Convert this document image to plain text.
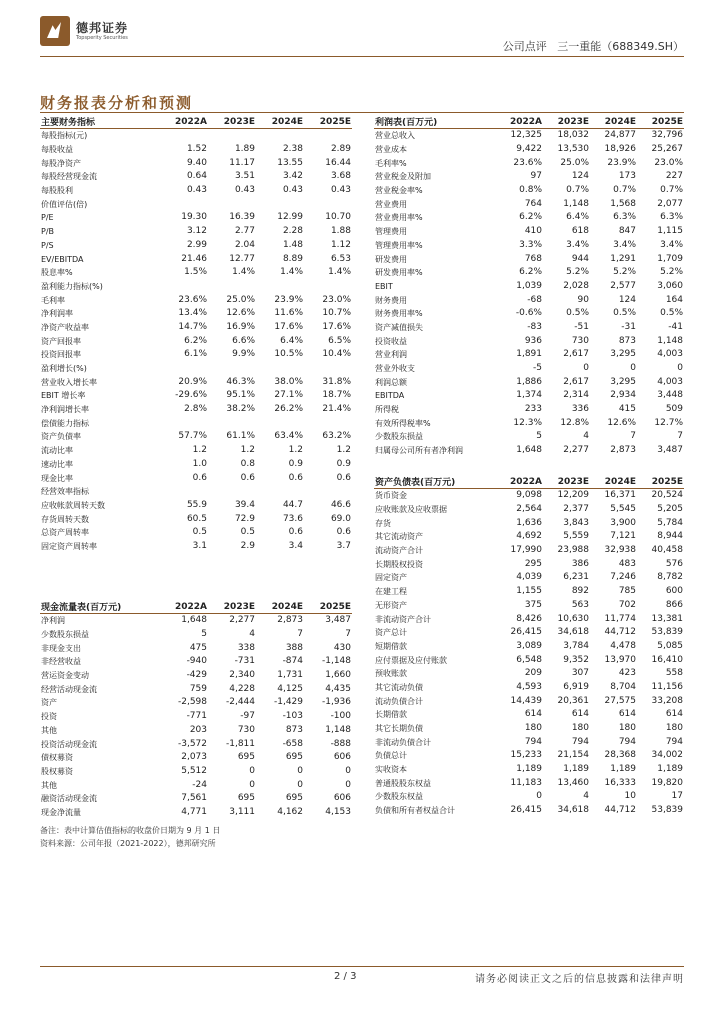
德邦证券
Topsperity Securities
公司点评 三一重能（688349.SH）
财务报表分析和预测
主要财务指标	2022A	2023E	2024E	2025E
每股指标(元)				
每股收益	1.52	1.89	2.38	2.89
每股净资产	9.40	11.17	13.55	16.44
每股经营现金流	0.64	3.51	3.42	3.68
每股股利	0.43	0.43	0.43	0.43
价值评估(倍)				
P/E	19.30	16.39	12.99	10.70
P/B	3.12	2.77	2.28	1.88
P/S	2.99	2.04	1.48	1.12
EV/EBITDA	21.46	12.77	8.89	6.53
股息率%	1.5%	1.4%	1.4%	1.4%
盈利能力指标(%)				
毛利率	23.6%	25.0%	23.9%	23.0%
净利润率	13.4%	12.6%	11.6%	10.7%
净资产收益率	14.7%	16.9%	17.6%	17.6%
资产回报率	6.2%	6.6%	6.4%	6.5%
投资回报率	6.1%	9.9%	10.5%	10.4%
盈利增长(%)				
营业收入增长率	20.9%	46.3%	38.0%	31.8%
EBIT 增长率	-29.6%	95.1%	27.1%	18.7%
净利润增长率	2.8%	38.2%	26.2%	21.4%
偿债能力指标				
资产负债率	57.7%	61.1%	63.4%	63.2%
流动比率	1.2	1.2	1.2	1.2
速动比率	1.0	0.8	0.9	0.9
现金比率	0.6	0.6	0.6	0.6
经营效率指标				
应收帐款周转天数	55.9	39.4	44.7	46.6
存货周转天数	60.5	72.9	73.6	69.0
总资产周转率	0.5	0.5	0.6	0.6
固定资产周转率	3.1	2.9	3.4	3.7
利润表(百万元)	2022A	2023E	2024E	2025E
营业总收入	12,325	18,032	24,877	32,796
营业成本	9,422	13,530	18,926	25,267
毛利率%	23.6%	25.0%	23.9%	23.0%
营业税金及附加	97	124	173	227
营业税金率%	0.8%	0.7%	0.7%	0.7%
营业费用	764	1,148	1,568	2,077
营业费用率%	6.2%	6.4%	6.3%	6.3%
管理费用	410	618	847	1,115
管理费用率%	3.3%	3.4%	3.4%	3.4%
研发费用	768	944	1,291	1,709
研发费用率%	6.2%	5.2%	5.2%	5.2%
EBIT	1,039	2,028	2,577	3,060
财务费用	-68	90	124	164
财务费用率%	-0.6%	0.5%	0.5%	0.5%
资产减值损失	-83	-51	-31	-41
投资收益	936	730	873	1,148
营业利润	1,891	2,617	3,295	4,003
营业外收支	-5	0	0	0
利润总额	1,886	2,617	3,295	4,003
EBITDA	1,374	2,314	2,934	3,448
所得税	233	336	415	509
有效所得税率%	12.3%	12.8%	12.6%	12.7%
少数股东损益	5	4	7	7
归属母公司所有者净利润	1,648	2,277	2,873	3,487
资产负债表(百万元)	2022A	2023E	2024E	2025E
货币资金	9,098	12,209	16,371	20,524
应收账款及应收票据	2,564	2,377	5,545	5,205
存货	1,636	3,843	3,900	5,784
其它流动资产	4,692	5,559	7,121	8,944
流动资产合计	17,990	23,988	32,938	40,458
长期股权投资	295	386	483	576
固定资产	4,039	6,231	7,246	8,782
在建工程	1,155	892	785	600
无形资产	375	563	702	866
非流动资产合计	8,426	10,630	11,774	13,381
资产总计	26,415	34,618	44,712	53,839
短期借款	3,089	3,784	4,478	5,085
应付票据及应付账款	6,548	9,352	13,970	16,410
预收账款	209	307	423	558
其它流动负债	4,593	6,919	8,704	11,156
流动负债合计	14,439	20,361	27,575	33,208
长期借款	614	614	614	614
其它长期负债	180	180	180	180
非流动负债合计	794	794	794	794
负债总计	15,233	21,154	28,368	34,002
实收资本	1,189	1,189	1,189	1,189
普通股股东权益	11,183	13,460	16,333	19,820
少数股东权益	0	4	10	17
负债和所有者权益合计	26,415	34,618	44,712	53,839
现金流量表(百万元)	2022A	2023E	2024E	2025E
净利润	1,648	2,277	2,873	3,487
少数股东损益	5	4	7	7
非现金支出	475	338	388	430
非经营收益	-940	-731	-874	-1,148
营运资金变动	-429	2,340	1,731	1,660
经营活动现金流	759	4,228	4,125	4,435
资产	-2,598	-2,444	-1,429	-1,936
投资	-771	-97	-103	-100
其他	203	730	873	1,148
投资活动现金流	-3,572	-1,811	-658	-888
债权募资	2,073	695	695	606
股权募资	5,512	0	0	0
其他	-24	0	0	0
融资活动现金流	7,561	695	695	606
现金净流量	4,771	3,111	4,162	4,153
备注：表中计算估值指标的收盘价日期为 9 月 1 日
资料来源：公司年报（2021-2022），德邦研究所
2 / 3	请务必阅读正文之后的信息披露和法律声明
